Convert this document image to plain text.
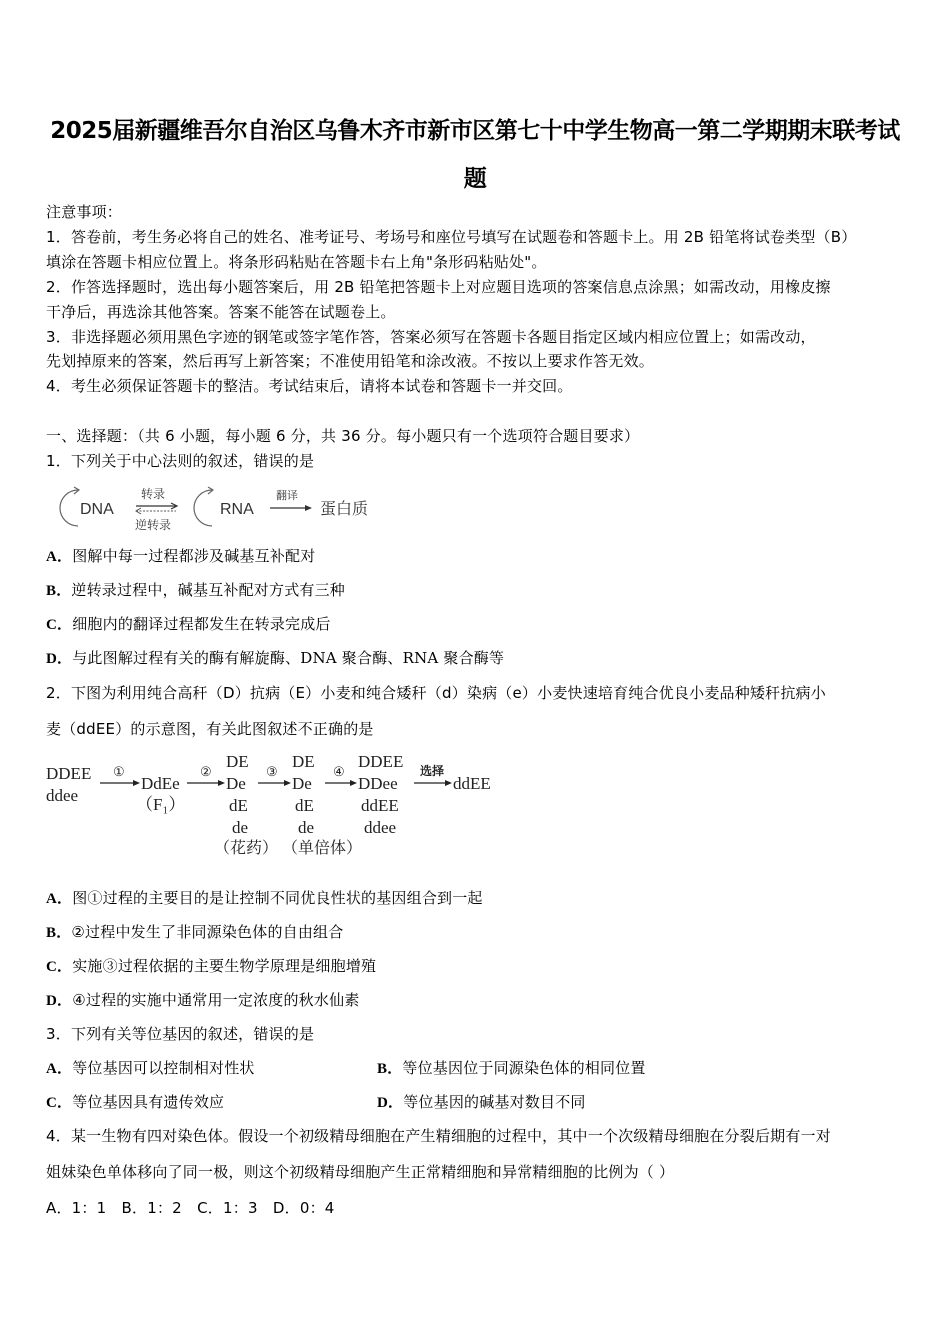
2025届新疆维吾尔自治区乌鲁木齐市新市区第七十中学生物高一第二学期期末联考试
题
注意事项：
1．答卷前，考生务必将自己的姓名、准考证号、考场号和座位号填写在试题卷和答题卡上。用 2B 铅笔将试卷类型（B）
填涂在答题卡相应位置上。将条形码粘贴在答题卡右上角"条形码粘贴处"。
2．作答选择题时，选出每小题答案后，用 2B 铅笔把答题卡上对应题目选项的答案信息点涂黑；如需改动，用橡皮擦
干净后，再选涂其他答案。答案不能答在试题卷上。
3．非选择题必须用黑色字迹的钢笔或签字笔作答，答案必须写在答题卡各题目指定区域内相应位置上；如需改动，
先划掉原来的答案，然后再写上新答案；不准使用铅笔和涂改液。不按以上要求作答无效。
4．考生必须保证答题卡的整洁。考试结束后，请将本试卷和答题卡一并交回。
一、选择题：（共 6 小题，每小题 6 分，共 36 分。每小题只有一个选项符合题目要求）
1．下列关于中心法则的叙述，错误的是
DNA
转录
逆转录
RNA
翻译
蛋白质
A．图解中每一过程都涉及碱基互补配对
B．逆转录过程中，碱基互补配对方式有三种
C．细胞内的翻译过程都发生在转录完成后
D．与此图解过程有关的酶有解旋酶、DNA 聚合酶、RNA 聚合酶等
2．下图为利用纯合高秆（D）抗病（E）小麦和纯合矮秆（d）染病（e）小麦快速培育纯合优良小麦品种矮秆抗病小
麦（ddEE）的示意图，有关此图叙述不正确的是
DDEE
ddee
①
DdEe
（F₁）
②
DE
De
dE
de
③
DE
De
dE
de
④
DDEE
DDee
ddEE
ddee
选择
ddEE
（花药） （单倍体）
A．图①过程的主要目的是让控制不同优良性状的基因组合到一起
B．②过程中发生了非同源染色体的自由组合
C．实施③过程依据的主要生物学原理是细胞增殖
D．④过程的实施中通常用一定浓度的秋水仙素
3．下列有关等位基因的叙述，错误的是
A．等位基因可以控制相对性状	B．等位基因位于同源染色体的相同位置
C．等位基因具有遗传效应	D．等位基因的碱基对数目不同
4．某一生物有四对染色体。假设一个初级精母细胞在产生精细胞的过程中，其中一个次级精母细胞在分裂后期有一对
姐妹染色单体移向了同一极，则这个初级精母细胞产生正常精细胞和异常精细胞的比例为（ ）
A．1：1　B．1：2　C．1：3　D．0：4
